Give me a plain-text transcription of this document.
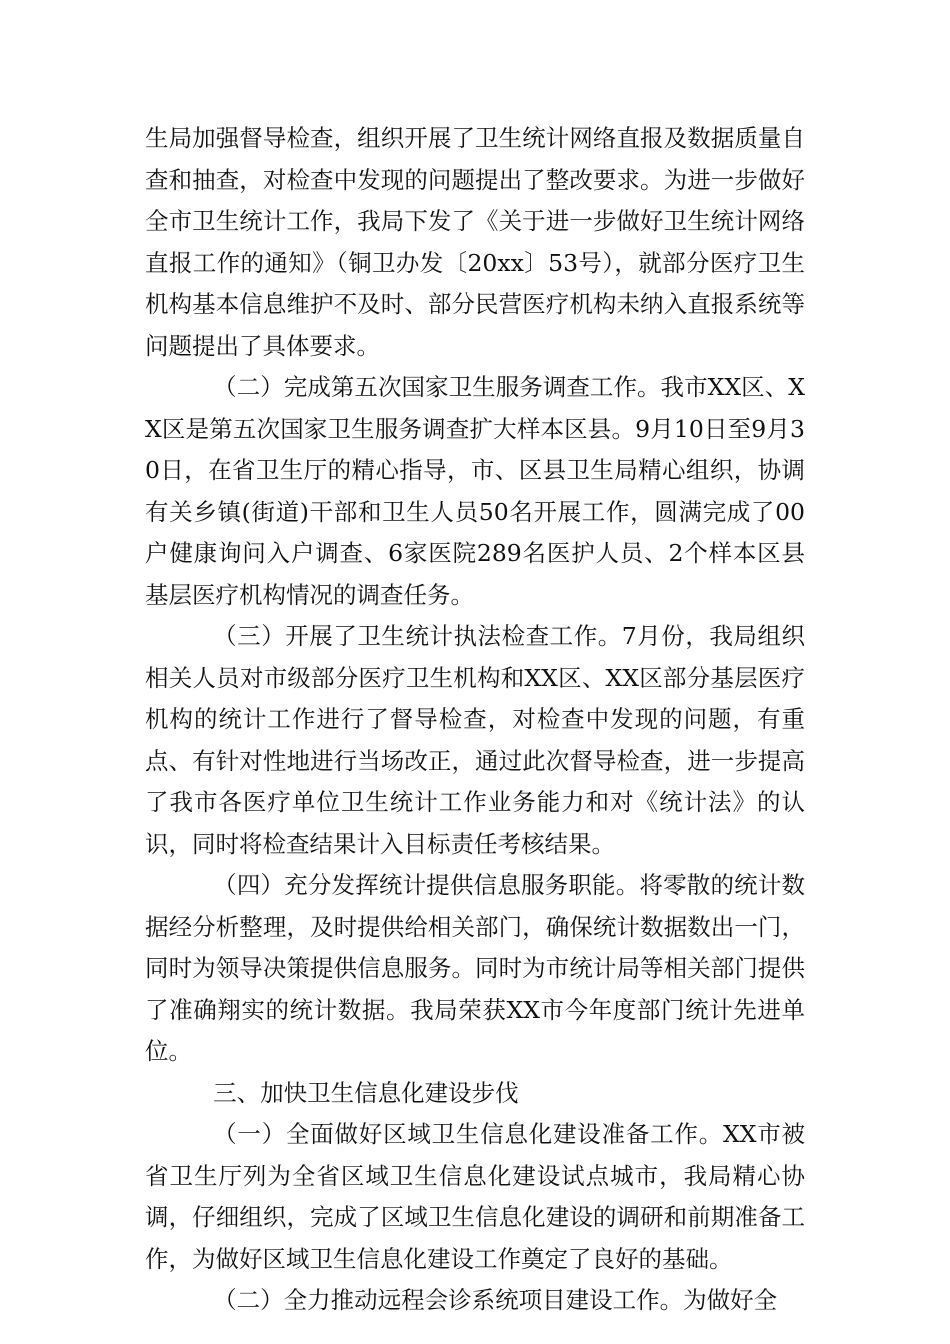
生局加强督导检查，组织开展了卫生统计网络直报及数据质量自查和抽查，对检查中发现的问题提出了整改要求。为进一步做好全市卫生统计工作，我局下发了《关于进一步做好卫生统计网络直报工作的通知》（铜卫办发〔20xx〕53号），就部分医疗卫生机构基本信息维护不及时、部分民营医疗机构未纳入直报系统等问题提出了具体要求。

（二）完成第五次国家卫生服务调查工作。我市XX区、XX区是第五次国家卫生服务调查扩大样本区县。9月10日至9月30日，在省卫生厅的精心指导，市、区县卫生局精心组织，协调有关乡镇(街道)干部和卫生人员50名开展工作，圆满完成了00户健康询问入户调查、6家医院289名医护人员、2个样本区县基层医疗机构情况的调查任务。

（三）开展了卫生统计执法检查工作。7月份，我局组织相关人员对市级部分医疗卫生机构和XX区、XX区部分基层医疗机构的统计工作进行了督导检查，对检查中发现的问题，有重点、有针对性地进行当场改正，通过此次督导检查，进一步提高了我市各医疗单位卫生统计工作业务能力和对《统计法》的认识，同时将检查结果计入目标责任考核结果。

（四）充分发挥统计提供信息服务职能。将零散的统计数据经分析整理，及时提供给相关部门，确保统计数据数出一门，同时为领导决策提供信息服务。同时为市统计局等相关部门提供了准确翔实的统计数据。我局荣获XX市今年度部门统计先进单位。

三、加快卫生信息化建设步伐

（一）全面做好区域卫生信息化建设准备工作。XX市被省卫生厅列为全省区域卫生信息化建设试点城市，我局精心协调，仔细组织，完成了区域卫生信息化建设的调研和前期准备工作，为做好区域卫生信息化建设工作奠定了良好的基础。

（二）全力推动远程会诊系统项目建设工作。为做好全
